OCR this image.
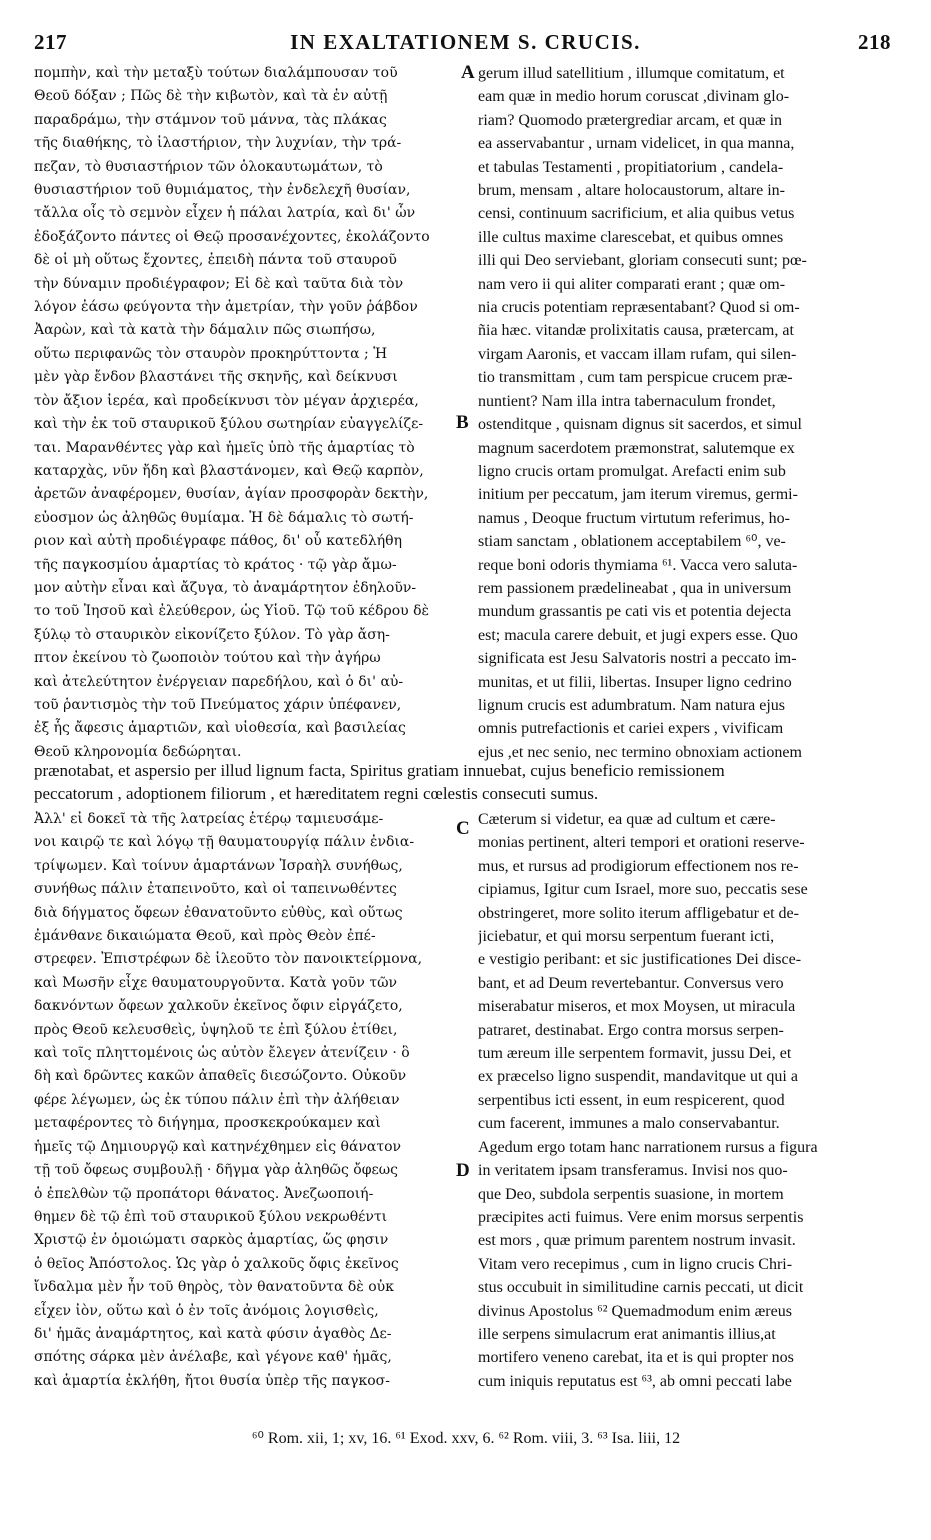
217	IN EXALTATIONEM S. CRUCIS.	218
πομπὴν, καὶ τὴν μεταξὺ τούτων διαλάμπουσαν τοῦ
Θεοῦ δόξαν ; Πῶς δὲ τὴν κιβωτὸν, καὶ τὰ ἐν αὐτῇ
παραδράμω, τὴν στάμνον τοῦ μάννα, τὰς πλάκας
τῆς διαθήκης, τὸ ἱλαστήριον, τὴν λυχνίαν, τὴν τρά-
πεζαν, τὸ θυσιαστήριον τῶν ὁλοκαυτωμάτων, τὸ
θυσιαστήριον τοῦ θυμιάματος, τὴν ἐνδελεχῆ θυσίαν,
τἄλλα οἷς τὸ σεμνὸν εἶχεν ἡ πάλαι λατρία, καὶ δι' ὧν
ἐδοξάζοντο πάντες οἱ Θεῷ προσανέχοντες, ἐκολάζοντο
δὲ οἱ μὴ οὕτως ἔχοντες, ἐπειδὴ πάντα τοῦ σταυροῦ
τὴν δύναμιν προδιέγραφον; Εἰ δὲ καὶ ταῦτα διὰ τὸν
λόγον ἐάσω φεύγοντα τὴν ἀμετρίαν, τὴν γοῦν ῥάβδον
Ἀαρὼν, καὶ τὰ κατὰ τὴν δάμαλιν πῶς σιωπήσω,
οὕτω περιφανῶς τὸν σταυρὸν προκηρύττοντα ; Ἡ
μὲν γὰρ ἔνδον βλαστάνει τῆς σκηνῆς, καὶ δείκνυσι
τὸν ἄξιον ἱερέα, καὶ προδείκνυσι τὸν μέγαν ἀρχιερέα,
καὶ τὴν ἐκ τοῦ σταυρικοῦ ξύλου σωτηρίαν εὐαγγελίζε-
ται. Μαρανθέντες γὰρ καὶ ἡμεῖς ὑπὸ τῆς ἁμαρτίας τὸ
καταρχὰς, νῦν ἤδη καὶ βλαστάνομεν, καὶ Θεῷ καρπὸν,
ἀρετῶν ἀναφέρομεν, θυσίαν, ἁγίαν προσφορὰν δεκτὴν,
εὐοσμον ὡς ἀληθῶς θυμίαμα. Ἡ δὲ δάμαλις τὸ σωτή-
ριον καὶ αὐτὴ προδιέγραφε πάθος, δι' οὗ κατεδλήθη
τῆς παγκοσμίου ἁμαρτίας τὸ κράτος · τῷ γὰρ ἄμω-
μον αὐτὴν εἶναι καὶ ἄζυγα, τὸ ἀναμάρτητον ἐδηλοῦν-
το τοῦ Ἰησοῦ καὶ ἐλεύθερον, ὡς Υἱοῦ. Τῷ τοῦ κέδρου δὲ
ξύλῳ τὸ σταυρικὸν εἰκονίζετο ξύλον. Τὸ γὰρ ἄση-
πτον ἐκείνου τὸ ζωοποιὸν τούτου καὶ τὴν ἀγήρω
καὶ ἀτελεύτητον ἐνέργειαν παρεδήλου, καὶ ὁ δι' αὐ-
τοῦ ῥαντισμὸς τὴν τοῦ Πνεύματος χάριν ὑπέφανεν,
ἐξ ἧς ἄφεσις ἁμαρτιῶν, καὶ υἱοθεσία, καὶ βασιλείας
Θεοῦ κληρονομία δεδώρηται.
gerum illud satellitium , illumque comitatum, et
eam quæ in medio horum coruscat ,divinam glo-
riam? Quomodo prætergrediar arcam, et quæ in
ea asservabantur , urnam videlicet, in qua manna,
et tabulas Testamenti , propitiatorium , candela-
brum, mensam , altare holocaustorum, altare in-
censi, continuum sacrificium, et alia quibus vetus
ille cultus maxime clarescebat, et quibus omnes
illi qui Deo serviebant, gloriam consecuti sunt; pœ-
nam vero ii qui aliter comparati erant ; quæ om-
nia crucis potentiam repræsentabant? Quod si om-
ñia hæc. vitandæ prolixitatis causa, prætercam, at
virgam Aaronis, et vaccam illam rufam, qui silen-
tio transmittam , cum tam perspicue crucem præ-
nuntient? Nam illa intra tabernaculum frondet,
ostenditque , quisnam dignus sit sacerdos, et simul
magnum sacerdotem præmonstrat, salutemque ex
ligno crucis ortam promulgat. Arefacti enim sub
initium per peccatum, jam iterum viremus, germi-
namus , Deoque fructum virtutum referimus, ho-
stiam sanctam , oblationem acceptabilem ⁶⁰, ve-
reque boni odoris thymiama ⁶¹. Vacca vero saluta-
rem passionem prædelineabat , qua in universum
mundum grassantis pe cati vis et potentia dejecta
est; macula carere debuit, et jugi expers esse. Quo
significata est Jesu Salvatoris nostri a peccato im-
munitas, et ut filii, libertas. Insuper ligno cedrino
lignum crucis est adumbratum. Nam natura ejus
omnis putrefactionis et cariei expers , vivificam
ejus ,et nec senio, nec termino obnoxiam actionem
A
B
C
D
prænotabat, et aspersio per illud lignum facta, Spiritus gratiam innuebat, cujus beneficio remissionem
peccatorum , adoptionem filiorum , et hæreditatem regni cœlestis consecuti sumus.
Ἀλλ' εἰ δοκεῖ τὰ τῆς λατρείας ἑτέρῳ ταμιευσάμε-
νοι καιρῷ τε καὶ λόγῳ τῇ θαυματουργίᾳ πάλιν ἐνδια-
τρίψωμεν. Καὶ τοίνυν ἁμαρτάνων Ἰσραὴλ συνήθως,
συνήθως πάλιν ἐταπεινοῦτο, καὶ οἱ ταπεινωθέντες
διὰ δήγματος ὄφεων ἐθανατοῦντο εὐθὺς, καὶ οὕτως
ἐμάνθανε δικαιώματα Θεοῦ, καὶ πρὸς Θεὸν ἐπέ-
στρεφεν. Ἐπιστρέφων δὲ ἱλεοῦτο τὸν πανοικτείρμονα,
καὶ Μωσῆν εἶχε θαυματουργοῦντα. Κατὰ γοῦν τῶν
δακνόντων ὄφεων χαλκοῦν ἐκεῖνος ὄφιν εἰργάζετο,
πρὸς Θεοῦ κελευσθεὶς, ὑψηλοῦ τε ἐπὶ ξύλου ἐτίθει,
καὶ τοῖς πληττομένοις ὡς αὐτὸν ἔλεγεν ἀτενίζειν · ὃ
δὴ καὶ δρῶντες κακῶν ἀπαθεῖς διεσώζοντο. Οὐκοῦν
φέρε λέγωμεν, ὡς ἐκ τύπου πάλιν ἐπὶ τὴν ἀλήθειαν
μεταφέροντες τὸ διήγημα, προσκεκρούκαμεν καὶ
ἡμεῖς τῷ Δημιουργῷ καὶ κατηνέχθημεν εἰς θάνατον
τῇ τοῦ ὄφεως συμβουλῇ · δῆγμα γὰρ ἀληθῶς ὄφεως
ὁ ἐπελθὼν τῷ προπάτορι θάνατος. Ἀνεζωοποιή-
θημεν δὲ τῷ ἐπὶ τοῦ σταυρικοῦ ξύλου νεκρωθέντι
Χριστῷ ἐν ὁμοιώματι σαρκὸς ἁμαρτίας, ὥς φησιν
ὁ θεῖος Ἀπόστολος. Ὡς γὰρ ὁ χαλκοῦς ὄφις ἐκεῖνος
ἴνδαλμα μὲν ἦν τοῦ θηρὸς, τὸν θανατοῦντα δὲ οὐκ
εἶχεν ἰὸν, οὕτω καὶ ὁ ἐν τοῖς ἀνόμοις λογισθεὶς,
δι' ἡμᾶς ἀναμάρτητος, καὶ κατὰ φύσιν ἀγαθὸς Δε-
σπότης σάρκα μὲν ἀνέλαβε, καὶ γέγονε καθ' ἡμᾶς,
καὶ ἁμαρτία ἐκλήθη, ἤτοι θυσία ὑπὲρ τῆς παγκοσ-
Cæterum si videtur, ea quæ ad cultum et cære-
monias pertinent, alteri tempori et orationi reserve-
mus, et rursus ad prodigiorum effectionem nos re-
cipiamus, Igitur cum Israel, more suo, peccatis sese
obstringeret, more solito iterum affligebatur et de-
jiciebatur, et qui morsu serpentum fuerant icti,
e vestigio peribant: et sic justificationes Dei disce-
bant, et ad Deum revertebantur. Conversus vero
miserabatur miseros, et mox Moysen, ut miracula
patraret, destinabat. Ergo contra morsus serpen-
tum æreum ille serpentem formavit, jussu Dei, et
ex præcelso ligno suspendit, mandavitque ut qui a
serpentibus icti essent, in eum respicerent, quod
cum facerent, immunes a malo conservabantur.
Agedum ergo totam hanc narrationem rursus a figura
in veritatem ipsam transferamus. Invisi nos quo-
que Deo, subdola serpentis suasione, in mortem
præcipites acti fuimus. Vere enim morsus serpentis
est mors , quæ primum parentem nostrum invasit.
Vitam vero recepimus , cum in ligno crucis Chri-
stus occubuit in similitudine carnis peccati, ut dicit
divinus Apostolus ⁶² Quemadmodum enim æreus
ille serpens simulacrum erat animantis illius,at
mortifero veneno carebat, ita et is qui propter nos
cum iniquis reputatus est ⁶³, ab omni peccati labe
⁶⁰ Rom. xii, 1; xv, 16. ⁶¹ Exod. xxv, 6. ⁶² Rom. viii, 3. ⁶³ Isa. liii, 12
